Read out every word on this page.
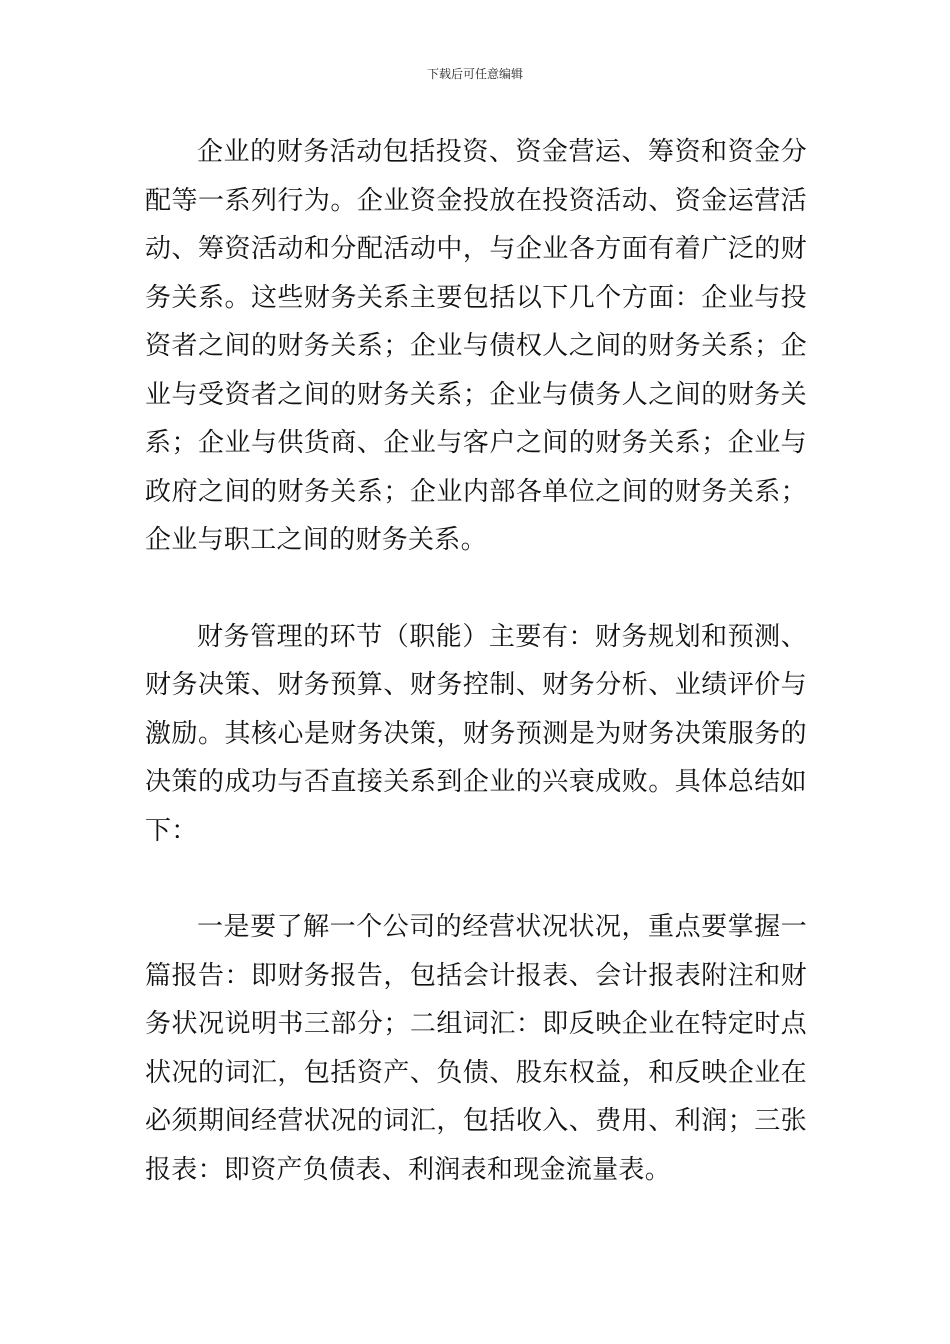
下载后可任意编辑

企业的财务活动包括投资、资金营运、筹资和资金分配等一系列行为。企业资金投放在投资活动、资金运营活动、筹资活动和分配活动中，与企业各方面有着广泛的财务关系。这些财务关系主要包括以下几个方面：企业与投资者之间的财务关系；企业与债权人之间的财务关系；企业与受资者之间的财务关系；企业与债务人之间的财务关系；企业与供货商、企业与客户之间的财务关系；企业与政府之间的财务关系；企业内部各单位之间的财务关系；企业与职工之间的财务关系。

财务管理的环节（职能）主要有：财务规划和预测、财务决策、财务预算、财务控制、财务分析、业绩评价与激励。其核心是财务决策，财务预测是为财务决策服务的决策的成功与否直接关系到企业的兴衰成败。具体总结如下：

一是要了解一个公司的经营状况状况，重点要掌握一篇报告：即财务报告，包括会计报表、会计报表附注和财务状况说明书三部分；二组词汇：即反映企业在特定时点状况的词汇，包括资产、负债、股东权益，和反映企业在必须期间经营状况的词汇，包括收入、费用、利润；三张报表：即资产负债表、利润表和现金流量表。
